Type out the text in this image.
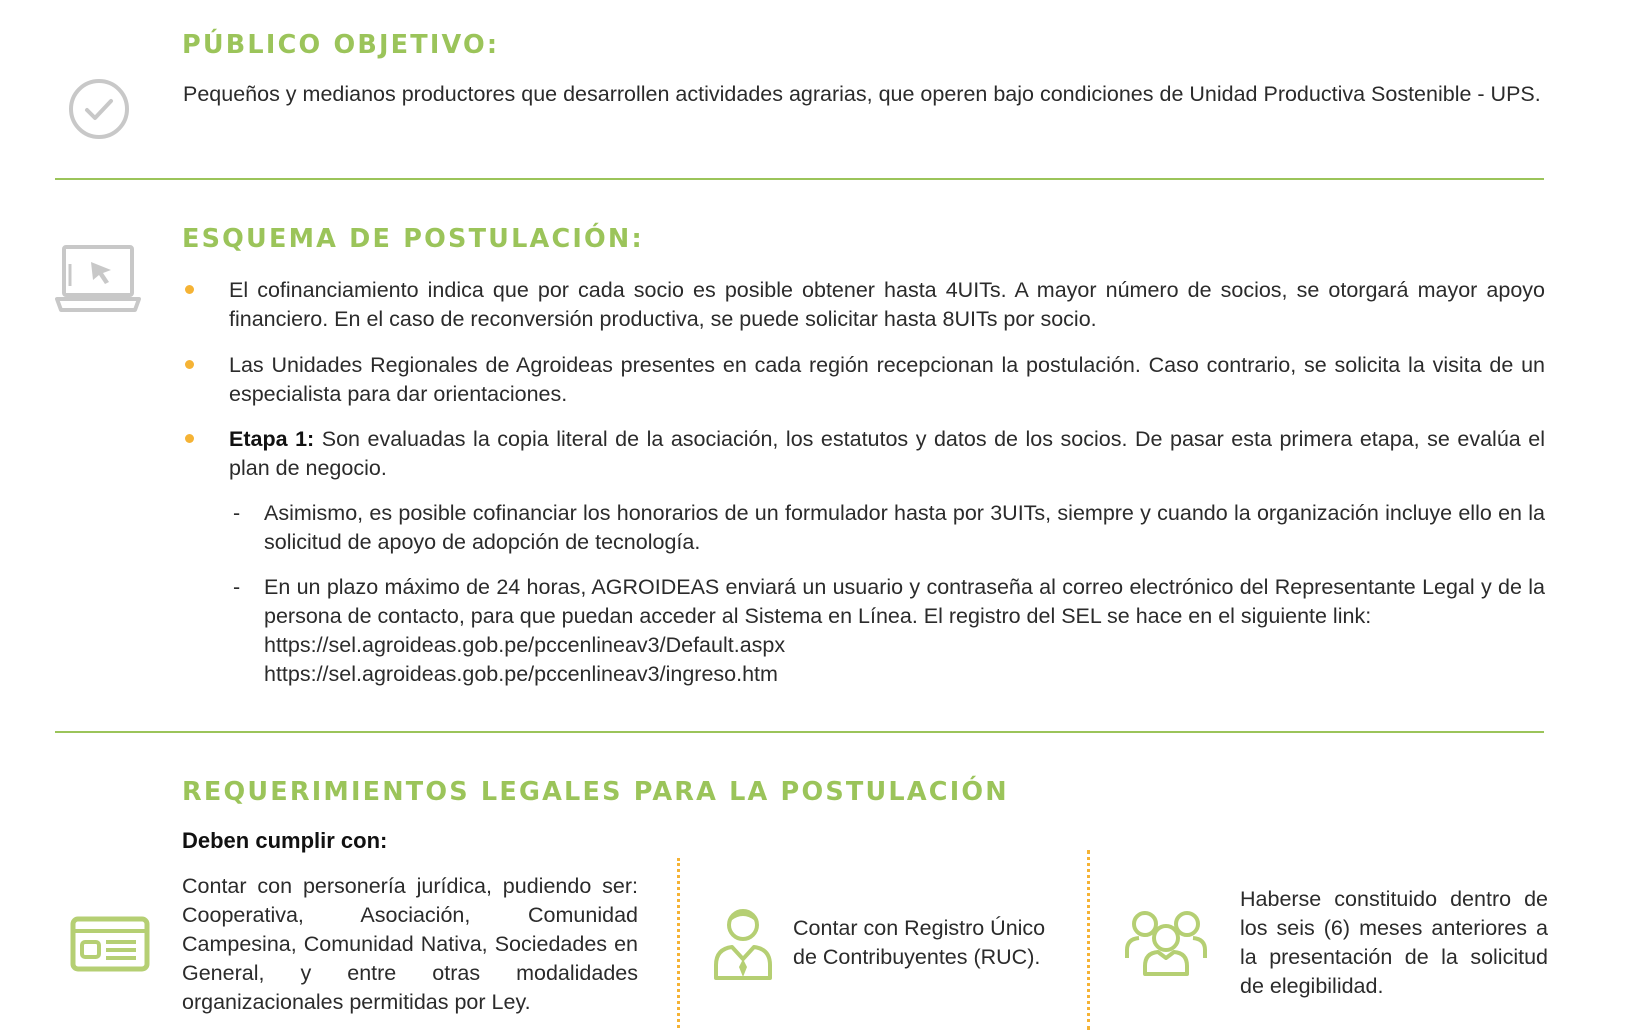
PÚBLICO OBJETIVO:
Pequeños y medianos productores que desarrollen actividades agrarias, que operen bajo condiciones de Unidad Productiva Sostenible - UPS.
ESQUEMA DE POSTULACIÓN:
El cofinanciamiento indica que por cada socio es posible obtener hasta 4UITs. A mayor número de socios, se otorgará mayor apoyo financiero. En el caso de reconversión productiva, se puede solicitar hasta 8UITs por socio.
Las Unidades Regionales de Agroideas presentes en cada región recepcionan la postulación. Caso contrario, se solicita la visita de un especialista para dar orientaciones.
Etapa 1: Son evaluadas la copia literal de la asociación, los estatutos y datos de los socios. De pasar esta primera etapa, se evalúa el plan de negocio.
- Asimismo, es posible cofinanciar los honorarios de un formulador hasta por 3UITs, siempre y cuando la organización incluye ello en la solicitud de apoyo de adopción de tecnología.
- En un plazo máximo de 24 horas, AGROIDEAS enviará un usuario y contraseña al correo electrónico del Representante Legal y de la persona de contacto, para que puedan acceder al Sistema en Línea. El registro del SEL se hace en el siguiente link:
https://sel.agroideas.gob.pe/pccenlineav3/Default.aspx
https://sel.agroideas.gob.pe/pccenlineav3/ingreso.htm
REQUERIMIENTOS LEGALES PARA LA POSTULACIÓN
Deben cumplir con:
Contar con personería jurídica, pudiendo ser: Cooperativa, Asociación, Comunidad Campesina, Comunidad Nativa, Sociedades en General, y entre otras modalidades organizacionales permitidas por Ley.
Contar con Registro Único de Contribuyentes (RUC).
Haberse constituido dentro de los seis (6) meses anteriores a la presentación de la solicitud de elegibilidad.
